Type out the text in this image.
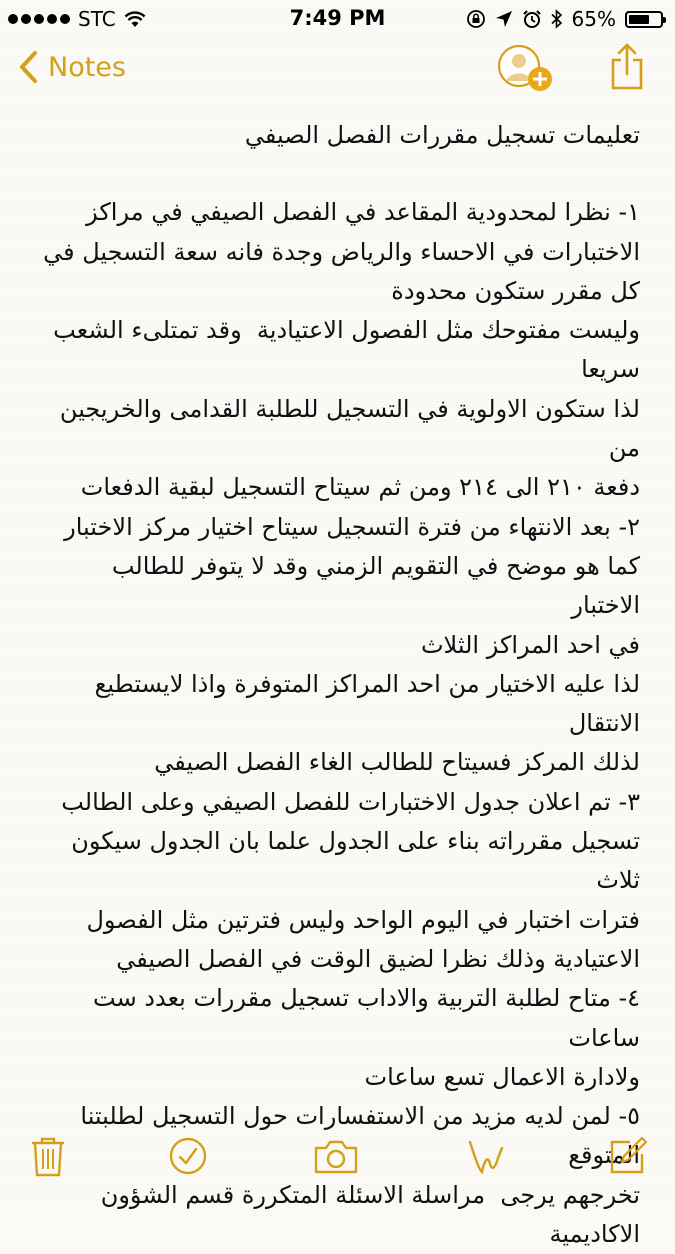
STC	7:49 PM	65%
Notes

تعليمات تسجيل مقررات الفصل الصيفي

١- نظرا لمحدودية المقاعد في الفصل الصيفي في مراكز

الاختبارات في الاحساء والرياض وجدة فانه سعة التسجيل في

كل مقرر ستكون محدودة

وليست مفتوحك مثل الفصول الاعتيادية  وقد تمتلىء الشعب

سريعا

لذا ستكون الاولوية في التسجيل للطلبة القدامى والخريجين من

دفعة ٢١٠ الى ٢١٤ ومن ثم سيتاح التسجيل لبقية الدفعات

٢- بعد الانتهاء من فترة التسجيل سيتاح اختيار مركز الاختبار

كما هو موضح في التقويم الزمني وقد لا يتوفر للطالب الاختبار

في احد المراكز الثلاث

لذا عليه الاختيار من احد المراكز المتوفرة واذا لايستطيع الانتقال

لذلك المركز فسيتاح للطالب الغاء الفصل الصيفي

٣- تم اعلان جدول الاختبارات للفصل الصيفي وعلى الطالب

تسجيل مقرراته بناء على الجدول علما بان الجدول سيكون ثلاث

فترات اختبار في اليوم الواحد وليس فترتين مثل الفصول

الاعتيادية وذلك نظرا لضيق الوقت في الفصل الصيفي

٤- متاح لطلبة التربية والاداب تسجيل مقررات بعدد ست ساعات

ولادارة الاعمال تسع ساعات

٥- لمن لديه مزيد من الاستفسارات حول التسجيل لطلبتنا المتوقع

تخرجهم يرجى  مراسلة الاسئلة المتكررة قسم الشؤون الاكاديمية
